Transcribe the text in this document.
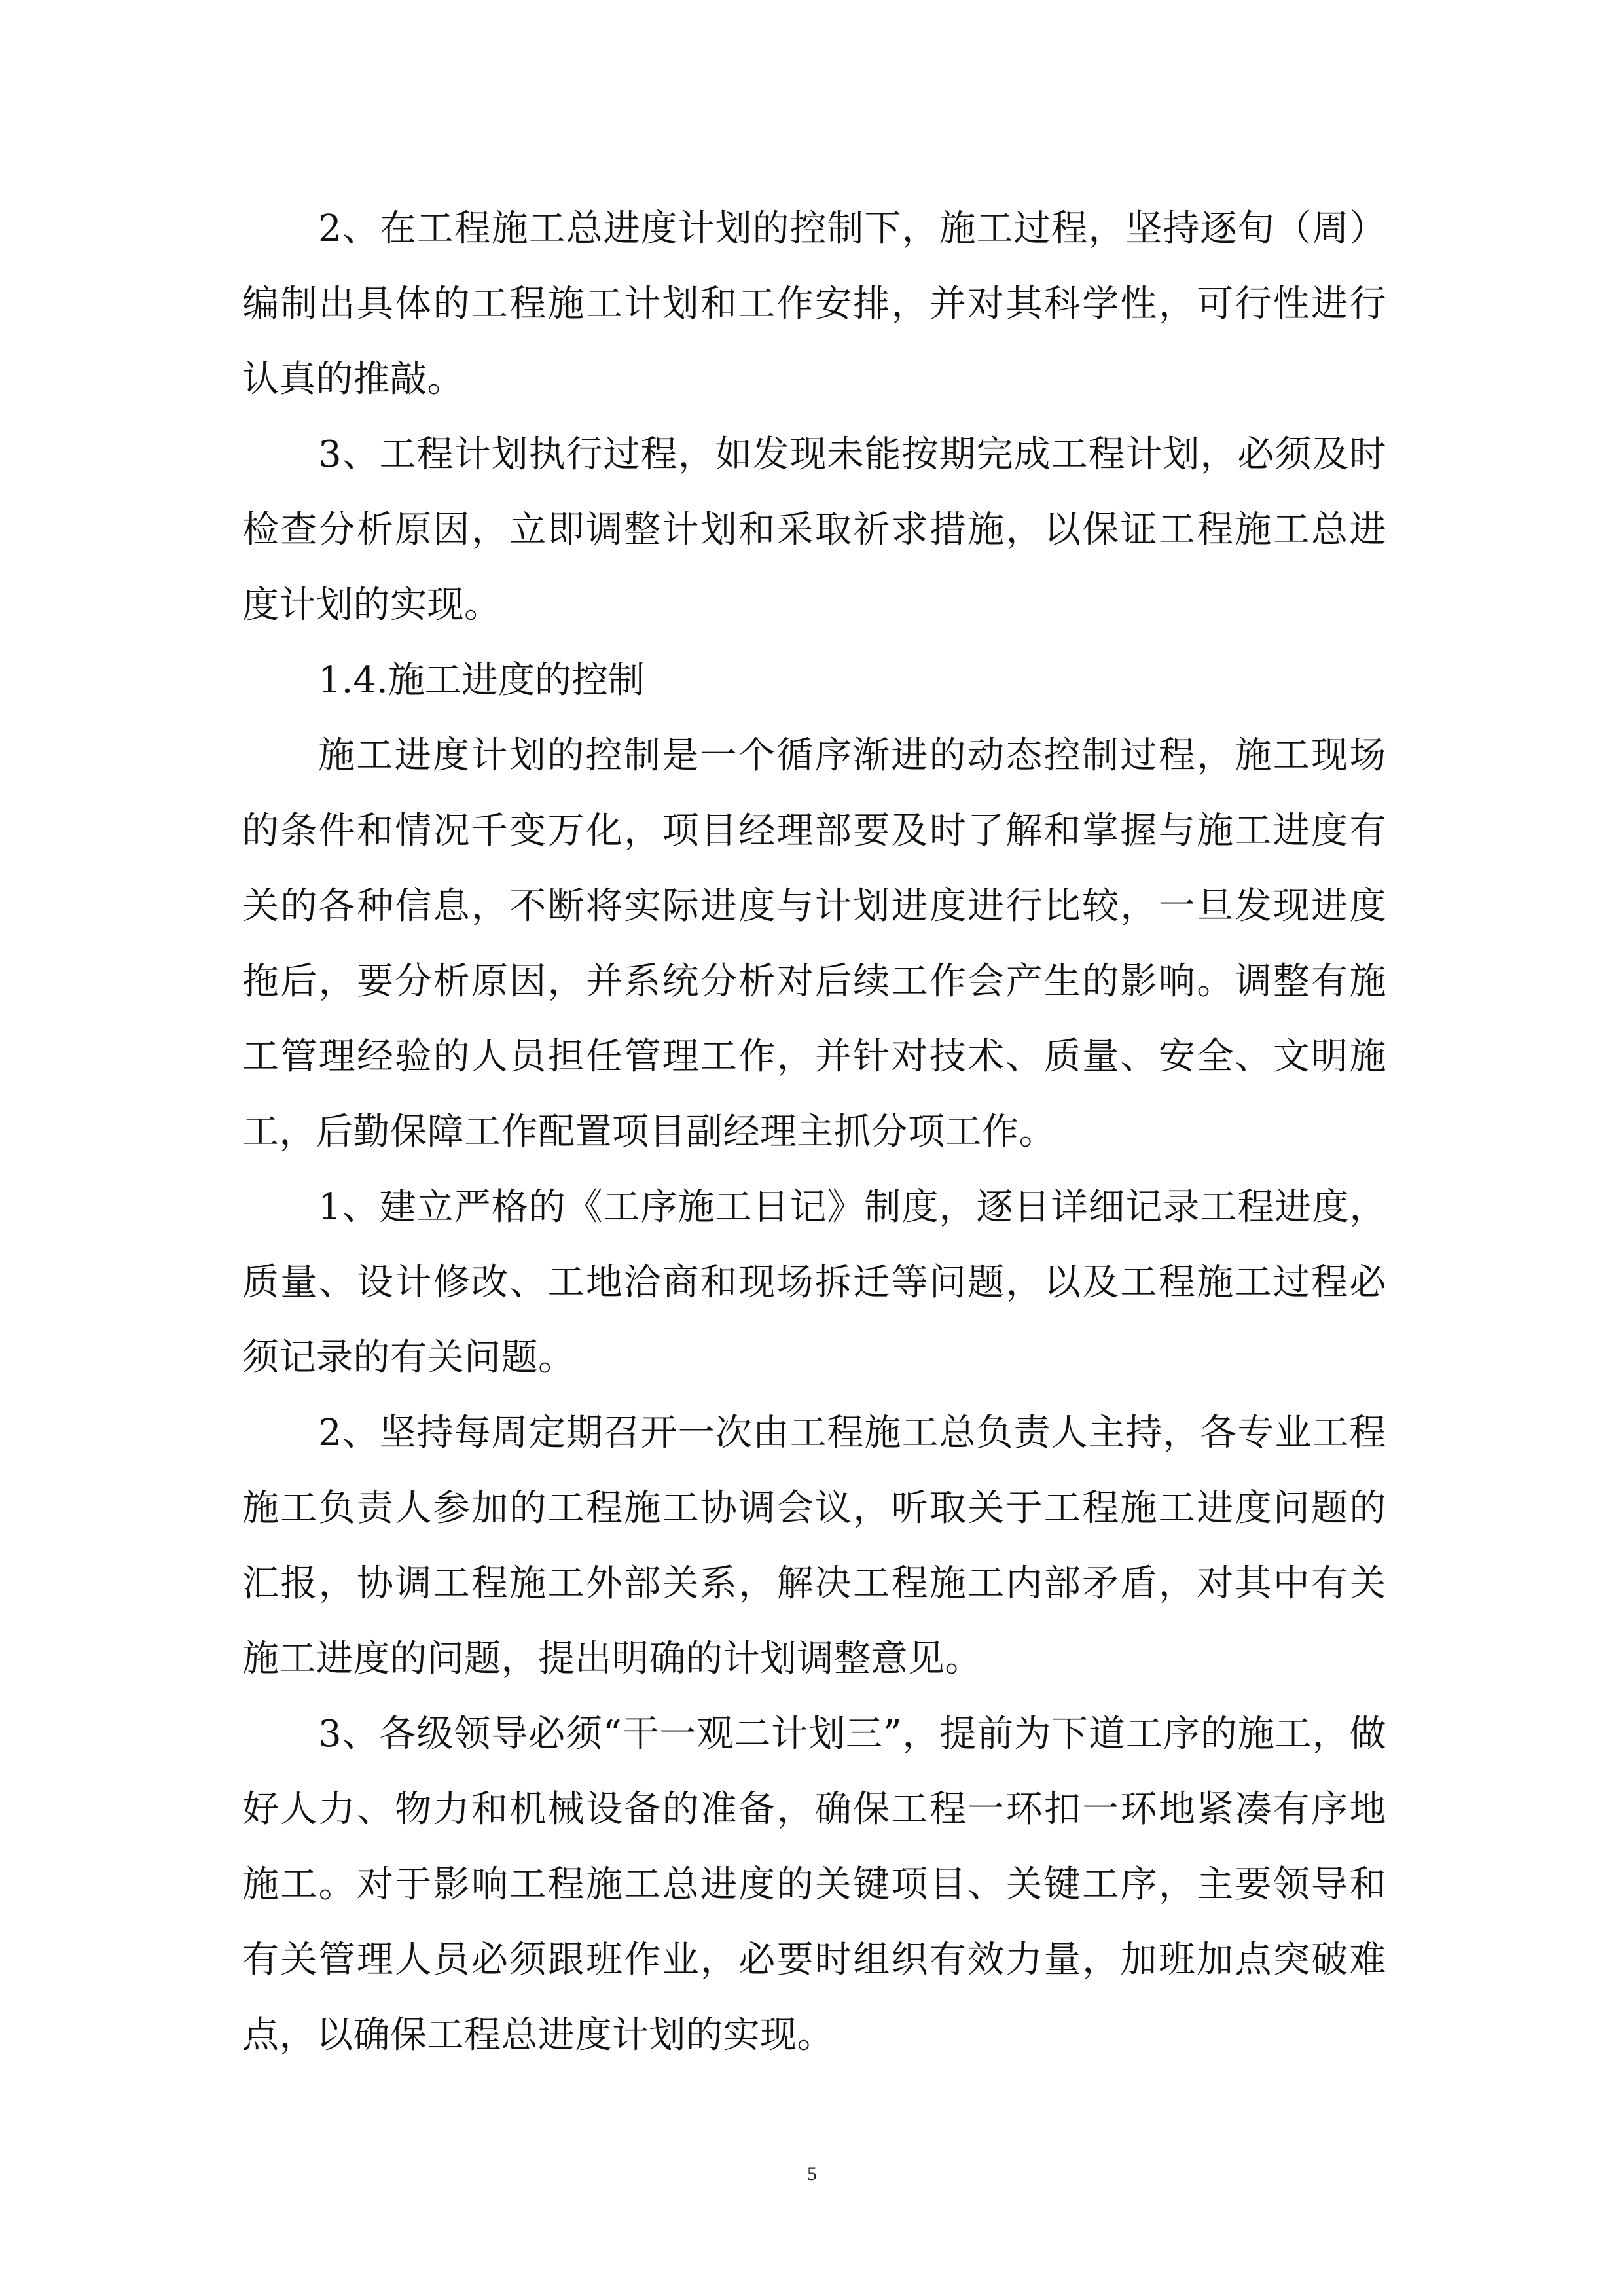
2、在工程施工总进度计划的控制下，施工过程，坚持逐旬（周）编制出具体的工程施工计划和工作安排，并对其科学性，可行性进行认真的推敲。

3、工程计划执行过程，如发现未能按期完成工程计划，必须及时检查分析原因，立即调整计划和采取祈求措施，以保证工程施工总进度计划的实现。

1.4.施工进度的控制

施工进度计划的控制是一个循序渐进的动态控制过程，施工现场的条件和情况千变万化，项目经理部要及时了解和掌握与施工进度有关的各种信息，不断将实际进度与计划进度进行比较，一旦发现进度拖后，要分析原因，并系统分析对后续工作会产生的影响。调整有施工管理经验的人员担任管理工作，并针对技术、质量、安全、文明施工，后勤保障工作配置项目副经理主抓分项工作。

1、建立严格的《工序施工日记》制度，逐日详细记录工程进度，质量、设计修改、工地洽商和现场拆迁等问题，以及工程施工过程必须记录的有关问题。

2、坚持每周定期召开一次由工程施工总负责人主持，各专业工程施工负责人参加的工程施工协调会议，听取关于工程施工进度问题的汇报，协调工程施工外部关系，解决工程施工内部矛盾，对其中有关施工进度的问题，提出明确的计划调整意见。

3、各级领导必须“干一观二计划三”，提前为下道工序的施工，做好人力、物力和机械设备的准备，确保工程一环扣一环地紧凑有序地施工。对于影响工程施工总进度的关键项目、关键工序，主要领导和有关管理人员必须跟班作业，必要时组织有效力量，加班加点突破难点，以确保工程总进度计划的实现。

5
